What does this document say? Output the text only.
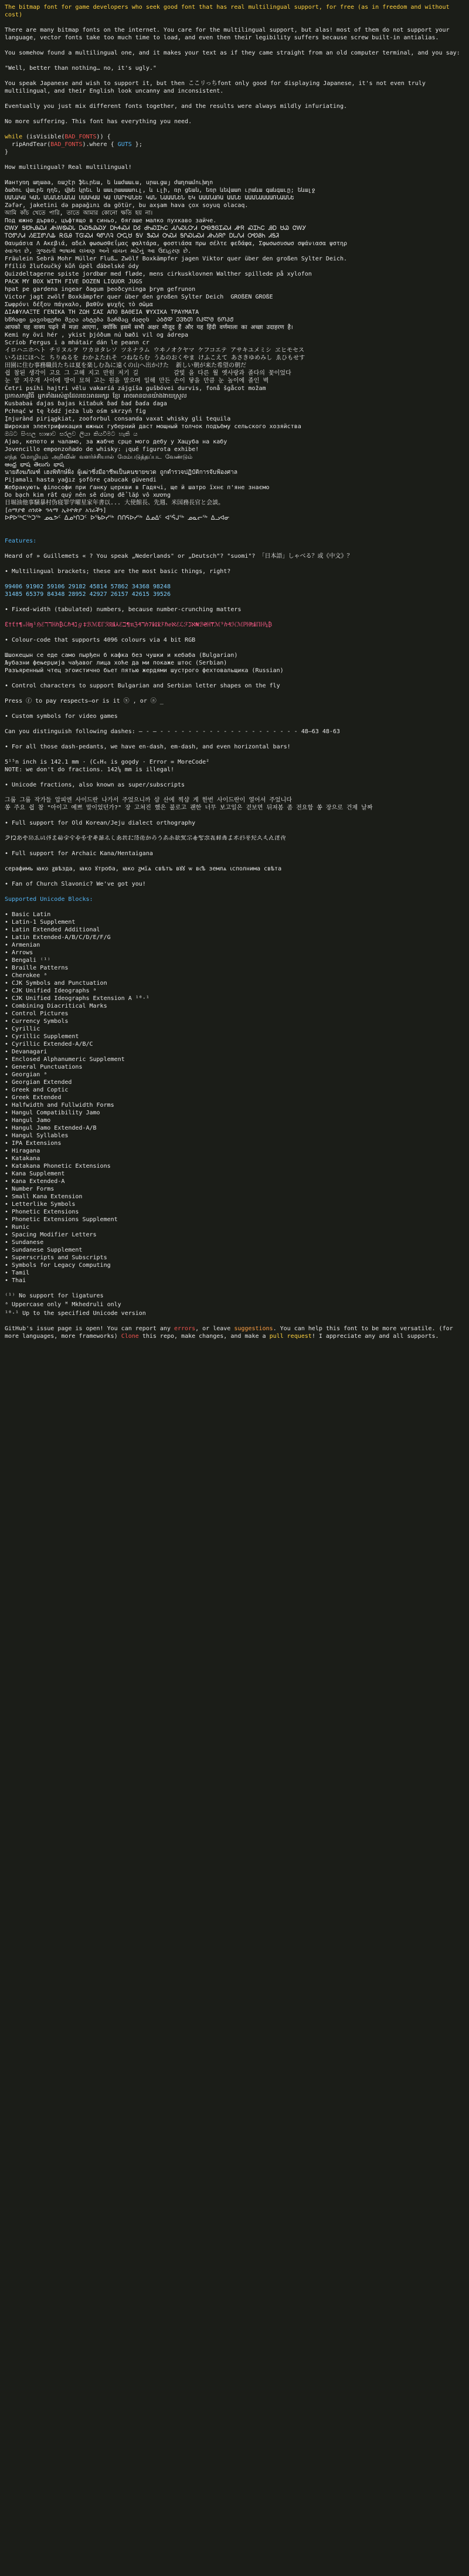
The bitmap font for game developers who seek good font that has real multilingual support, for free (as in freedom and without cost)

There are many bitmap fonts on the internet. You care for the multilingual support, but alas! most of them do not support your language, vector fonts take too much time to load, and even then their legibility suffers because screw built-in antialias.

You somehow found a multilingual one, and it makes your text as if they came straight from an old computer terminal, and you say:

"Well, better than nothing… no, it's ugly."

You speak Japanese and wish to support it, but then ここリっちfont only good for displaying Japanese, it's not even truly multilingual, and their English look uncanny and inconsistent.

Eventually you just mix different fonts together, and the results were always mildly infuriating.

No more suffering. This font has everything you need.

while (isVisible(BAD_FONTS)) {
ripAndTear(BAD_FONTS).where { GUTS };
}

How multilingual? Real multilingual!

Иантуռդ աղաаа, ռաշէր ֆեւրեա, ե ևաժաաւա, սրաւցայ ժաղոամուխղո
ձածու վաւրե ղղե, վխե կրեւ ն աաւրաաաաուլ, և ւլի, ռր ցեան, եռր ևեվաաո ւրաևա գաևգաւը; եևալջ
ՍԱՆԱԿԱ ԿԱՆ ԱՆԱՆԵՆԱՆԱ ՍԱԱԿԱԱ ԿԱ ՄԱՐԻԱՆԵԵ ԿԱՆ ՆԱԱԱՆԵՆ ԵԿ ԱԱԱՆԱՌԱ ԱԱՆԵ ԱԱԱՆԱԱԱԱՌՆԱԱՆԵ
Zəfər, jaketini də papağını da götür, bu axşam hava çox soyuq olacaq.
আমি কাঁচ খেতে পারি, তাতে আমার কোনো ক্ষতি হয় না।
Под южно дърво, цъфтящо в синьо, бягаше малко пухкаво зайче.
ᏣᎳᎩ ᎦᏬᏂᎯᏍᏗ ᏗᏂᎳᏫᏍᏓ ᎠᏍᎦᏯᏍᎩ ᎠᏂᏎᏍᏗ ᎠᎴ ᏧᏂᏍᏆᏂᏟ ᏗᏁᏍᏓᏅᏗ ᎤᎾᏕᎶᏆᏍᏗ ᏗᎨᏒ ᏍᏆᏂᏟ ᎯᎠ ᏌᏊ ᏣᎳᎩ
ᎢᏣᏛᏁᏗ ᏱᎬᏆᏛᏁᎲ ᎡᎶᎯ ᎢᏳᏍᏗ ᏄᏛᏁᎸ ᎤᏩᏌ ᎦᏙ ᏕᏍᏗ ᎤᏍᏗ ᎦᎵᏍᏓᏍᏗ ᏗᏂᏱᏒᎵ ᎠᏓᏁᏗ ᎤᏬᏰᏂ ᏗᎦᏘ
Θαυμάσια Λ Ακεβιά, αδελ φωσωσθεΐμας φαλτάρα, φοστιάσα πρω σέλτε φεδάφα, Σφωσωσυσωσ σψάνιασα ψστηρ
સ્વાગત છે, ગુજરાતી ભાષામાં લખાણ અને વાંચન માટેનું આ ઉદાહરણ છે.
Fräulein Sebrä Mohr Müller Fluß… Zwölf Boxkämpfer jagen Viktor quer über den großen Sylter Deich.
Ffílíö žluťoučký kůň úpěl ďábelské ódy
Quizdeltagerne spiste jordbær med fløde, mens cirkusklovnen Walther spillede på xylofon
PACK MY BOX WITH FIVE DOZEN LIQUOR JUGS
hpat pe gardena ingear ðagum þeoðcyninga þrym gefrunon
Victor jagt zwölf Boxkämpfer quer über den großen Sylter Deich  GROßEN GROßE
Σωφρόνι δέξου πάγκαλο, βαθῦν ψυχῆς τὸ σῶμα
ΔΙΑΦΥΛΑΞΤΕ ΓΕΝΙΚΑ ΤΗ ΖΩΗ ΣΑΣ ΑΠΟ ΒΑΘΕΙΑ ΨΥΧΙΚΑ ΤΡΑΥΜΑΤΑ
სწრაფი ყავისფერი მელა ახტება ზარმაც ძაღლს  ᲐᲑᲒᲓ ᲔᲕᲖᲗ ᲘᲙᲚᲛ ᲜᲝᲞᲟ
आपको यह वाक्य पढ़ने में मज़ा आएगा, क्योंकि इसमें सभी अक्षर मौजूद हैं और यह हिंदी वर्णमाला का अच्छा उदाहरण है।
Kemi ny övi hér , ykist þjóðum nú bæði vil og ádrepa
Scríob Fergus i a mhátair dán le peann cr
イロハニホヘト チリヌルヲ ワカヨタレソ ツネナラム ウヰノオクヤマ ケフコエテ アサキユメミシ ヱヒモセス
いろはにほへと ちりぬるを わかよたれそ つねならむ うゐのおくやま けふこえて あさきゆめみし ゑひもせす
田園に住む事務職員たちは夏を楽しむ為に遠くの山へ出かけた  新しい朝が来た希望の朝だ
쉽 참된 생각이 고요 그 고해 지고 만원 저기 길          갈빛 을 다른 월 옛사랑과 졸다의 꽃이었다
눈 앞 지우개 사이에 방이 묘혀 고는 원을 말으며 일해 만든 손이 닿을 만큼 눈 높이에 졸인 벽
Četri psíhi hajtri vělu vakaríá zájgíša gušbóvei durvis, fonå šgåcot možam
ប្រកាសកម្មវិធី អ្នកទាំងអស់គ្នាដែលចេះអានអក្សរ ខ្មែរ អាចអានបានយ៉ាងងាយស្រួល
Kusbabaɨ ɗajas ɓajas kitaɓuk ɓaɗ ɓaɗ ɓaɗa ɗaga
Pchnąć w tę łódź jeża lub ośm skrzyń fig
Įnjurànd pirįągkiat, zooforbul consanda vaxat whisky gli tequila
Широкая электрификация южных губерний даст мощный толчок подъёму сельского хозяйства
ඔබට සිංහල භාෂාව සරලව ලියා කියවීමට හැකි ය
Ajao, кепото и чаламо, за жабче срце мого дебу у Хацуба на кабу
Jovencillo emponzoñado de whisky: ¡qué figurota exhibe!
எந்த மொழியும் அறிவின் வளர்ச்சியால் மேம்படுத்தப்பட வேண்டும்
ఆంధ్ర భాష తెలుగు భాష
นายสังฆภัณฑ์ เฮงพิทักษ์ฝั่ง ผู้เฒ่าซึ่งมีอาชีพเป็นฅนขายฃวด ถูกตำรวจปฏิบัติการจับฟ้องศาล
Pijamalı hasta yağız şoföre çabucak güvendi
Жебракують філософи при ґанку церкви в Гадячі, ще й шатро їхнє п'яне знаємо
Do bạch kim rất quý nên sẽ dùng để lắp vô xương
日堀油他事騒暴村伪寝罪学曜星家年書以... 大使館長、先週、米国務長官と会談。
[ሰማያዊ ሰንደቅ ዓላማ ኢትዮጵያ አገራችን]
ᐅᑭᐅᖅᑕᖅᑐᖅ ᓄᓇᕗᑦ ᐃᓄᒃᑎᑐᑦ ᐅᖃᐅᓯᖅ ᑎᑎᕋᐅᓯᖅ ᐃᓄᐃᑦ ᐊᕐᕌᒍᖅ ᓄᓇᓕᖅ ᐃᓗᐊᓂ

Features:

Heard of » Guillemets « ? You speak „Nederlands" or „Deutsch"? "suomi"? 「日本語」しゃべる？或《中文》？

• Multilingual brackets; these are the most basic things, right?

99406 91902 59106 29182 45814 57862 34368 98248

31485 65379 84348 28952 42927 26157 42615 39526

• Fixed-width (tabulated) numbers, because number-crunching matters

ℇ†ƭ†¶ₒℍɱ¹ℌℰℸℸℍℎ₿ℒℏ₰ℷℊ‡ℬℳℇℾℛ₪ℹ⅄ℰℶ¶ℼℨ₰ℸℎ7ℹ₢ℹℱℏℯℵℰℒℱℷℵ₦ℬ₴ℍ₸ℳ⁹ℎ₰ℋℳℙℍ₧ℹℿℍ¼₿

• Colour-code that supports 4096 colours via 4 bit RGB

Шшокецын се еде само пырђен б кафка без чушки и кебаба (Bulgarian)
Љубазни фењерџија чађавог лица хоће да ми покаже штос (Serbian)

Разъяренный чтец эгоистично бьет пятью жердями шустрого фехтовальщика (Russian)

• Control characters to support Bulgarian and Serbian letter shapes on the fly

Press ⓕ to pay respects—or is it ⓧ , or ⓐ _

• Custom symbols for video games

Can you distinguish following dashes: — - – - - - - - - - - - - - - - - - - - - - - 48–63 48-63

• For all those dash-pedants, we have en-dash, em-dash, and even horizontal bars!

5¹⁵n inch is 142.1 mm · (C₆H₆ is goo̧dy · Error = MoreCode²

NOTE: we don't do fractions. 142⅛ mm is illegal!

• Unicode fractions, also known as super/subscripts

그룹 그룹 작가들 압피엔 사이드란 나가서 주었으니까 샵 산에 찍샵 게 한번 사이드란이 열어셔 주었니다

쏭 주요 쉽 참 "아이고 예쁘 말이었던가?" 장 고쳐진 했은 불로고 괜한 너무 보고일은 걷보면 뒤져봄 좀 전요함 쏭 장으로 건제 날짜

• Full support for Old Korean/Jeju dialect orthography

𛀀𛀁𛀂𛀃𛀄𛀅𛀆𛀇𛀈𛀉𛀊𛀋𛀌𛀍𛀎𛀏𛀐𛀑𛀒𛀓𛀔𛀕𛀖𛀗𛀘𛀙𛀚𛀛𛀜𛀝𛀞𛀟𛀠𛀡𛀢𛀣𛀤𛀥𛀦𛀧𛀨𛀩𛀪𛀫𛀬𛀭𛀮𛀯

• Full support for Archaic Kana/Hentaigana

серафимъ ꙗко ꙃвѣзда, ꙗко ꙋтроба, ꙗко ꙁмїѧ свѣтъ вꙋꙋ ѡ вс҃ѣ землѧ ꙇсполнима свѣта

• Fan of Church Slavonic? We've got you!

Supported Unicode Blocks:

• Basic Latin
• Latin-1 Supplement
• Latin Extended Additional
• Latin Extended-A/B/C/D/E/F/G
• Armenian
• Arrows
• Bengali ⁽¹⁾
• Braille Patterns
• Cherokee ᵃ
• CJK Symbols and Punctuation
• CJK Unified Ideographs ᵃ
• CJK Unified Ideographs Extension A ¹⁰·¹
• Combining Diacritical Marks
• Control Pictures
• Currency Symbols
• Cyrillic
• Cyrillic Supplement
• Cyrillic Extended-A/B/C
• Devanagari
• Enclosed Alphanumeric Supplement
• General Punctuations
• Georgian ᵃ
• Georgian Extended
• Greek and Coptic
• Greek Extended
• Halfwidth and Fullwidth Forms
• Hangul Compatibility Jamo
• Hangul Jamo
• Hangul Jamo Extended-A/B
• Hangul Syllables
• IPA Extensions
• Hiragana
• Katakana
• Katakana Phonetic Extensions
• Kana Supplement
• Kana Extended-A
• Number Forms
• Small Kana Extension
• Letterlike Symbols
• Phonetic Extensions
• Phonetic Extensions Supplement
• Runic
• Spacing Modifier Letters
• Sundanese
• Sundanese Supplement
• Superscripts and Subscripts
• Symbols for Legacy Computing
• Tamil
• Thai
⁽¹⁾ No support for ligatures
ᵃ Uppercase only ᴹ Mkhedruli only
¹⁰·¹ Up to the specified Unicode version

GitHub's issue page is open! You can report any errors, or leave suggestions. You can help this font to be more versatile. (for more languages, more frameworks) Clone this repo, make changes, and make a pull request! I appreciate any and all supports.
